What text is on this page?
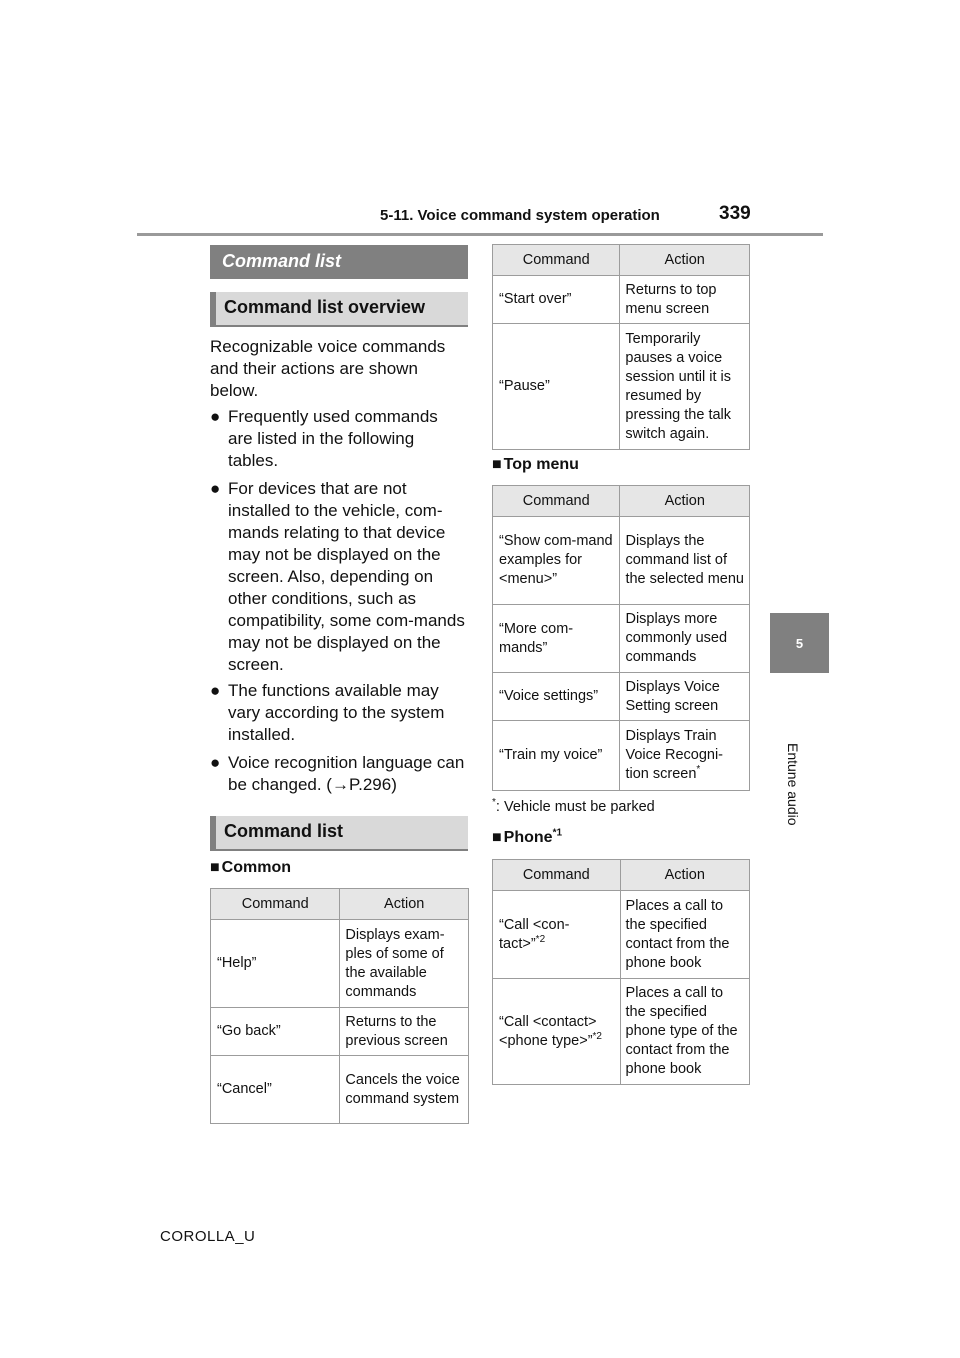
5-11. Voice command system operation	339
5
Entune audio
Command list
Command list overview
Recognizable voice commands and their actions are shown below.
● Frequently used commands are listed in the following tables.
● For devices that are not installed to the vehicle, com-mands relating to that device may not be displayed on the screen. Also, depending on other conditions, such as compatibility, some com-mands may not be displayed on the screen.
● The functions available may vary according to the system installed.
● Voice recognition language can be changed. (→P.296)
Command list
■ Common
Command	Action
“Help”	Displays exam-ples of some of the available commands
“Go back”	Returns to the previous screen
“Cancel”	Cancels the voice command system
Command	Action
“Start over”	Returns to top menu screen
“Pause”	Temporarily pauses a voice session until it is resumed by pressing the talk switch again.
■ Top menu
Command	Action
“Show com-mand examples for <menu>”	Displays the command list of the selected menu
“More com-mands”	Displays more commonly used commands
“Voice settings”	Displays Voice Setting screen
“Train my voice”	Displays Train Voice Recogni-tion screen*
*: Vehicle must be parked
■ Phone$^{*1}$
Command	Action
“Call <con-tact>”$^{*2}$	Places a call to the specified contact from the phone book
“Call <contact> <phone type>”$^{*2}$	Places a call to the specified phone type of the contact from the phone book
COROLLA_U
